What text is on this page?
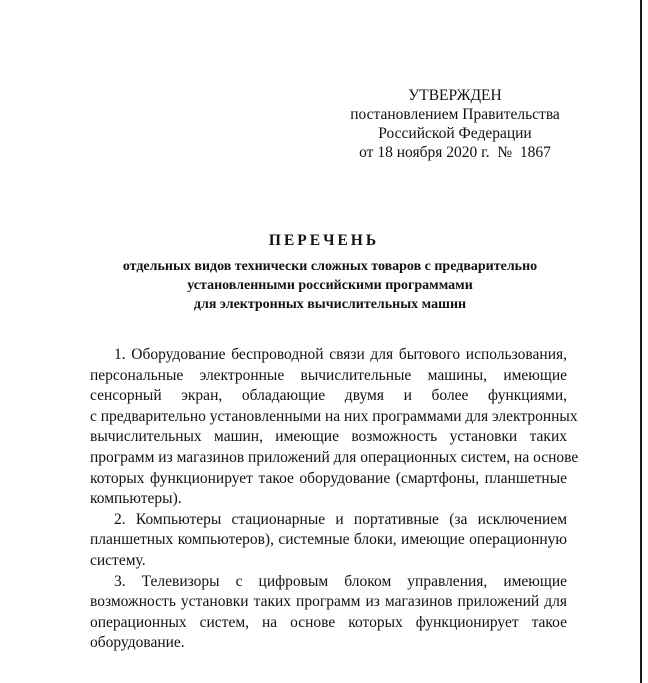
УТВЕРЖДЕН
постановлением Правительства
Российской Федерации
от 18 ноября 2020 г.  №  1867
ПЕРЕЧЕНЬ
отдельных видов технически сложных товаров с предварительно
установленными российскими программами
для электронных вычислительных машин
1. Оборудование беспроводной связи для бытового использования,
персональные электронные вычислительные машины, имеющие
сенсорный экран, обладающие двумя и более функциями,
с предварительно установленными на них программами для электронных
вычислительных машин, имеющие возможность установки таких
программ из магазинов приложений для операционных систем, на основе
которых функционирует такое оборудование (смартфоны, планшетные
компьютеры).
2. Компьютеры стационарные и портативные (за исключением
планшетных компьютеров), системные блоки, имеющие операционную
систему.
3. Телевизоры с цифровым блоком управления, имеющие
возможность установки таких программ из магазинов приложений для
операционных систем, на основе которых функционирует такое
оборудование.
